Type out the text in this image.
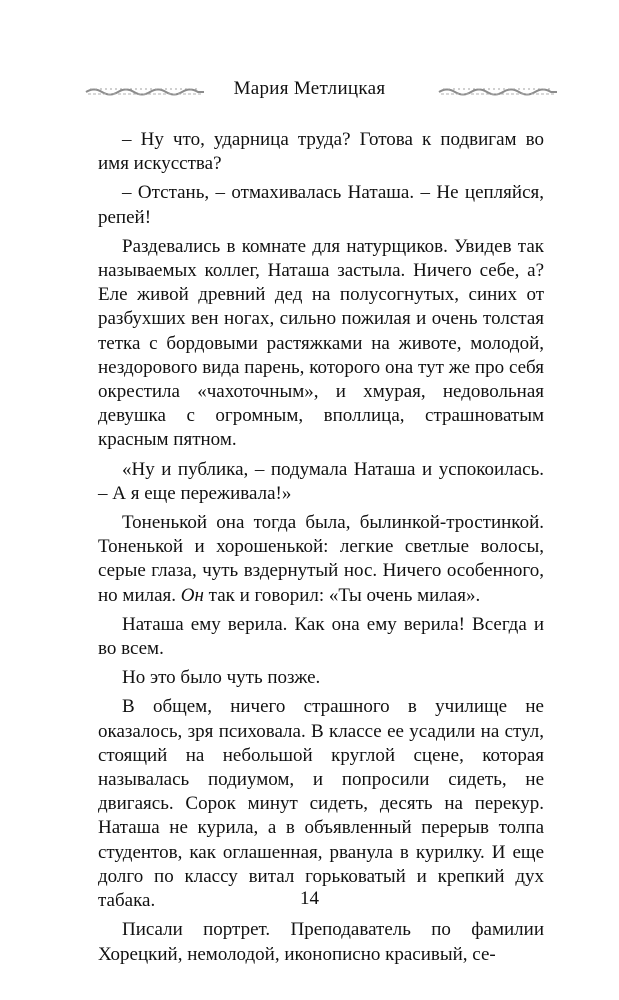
Мария Метлицкая

– Ну что, ударница труда? Готова к подвигам во имя искусства?

– Отстань, – отмахивалась Наташа. – Не цепляйся, репей!

Раздевались в комнате для натурщиков. Увидев так называемых коллег, Наташа застыла. Ничего себе, а? Еле живой древний дед на полусогнутых, синих от разбухших вен ногах, сильно пожилая и очень толстая тетка с бордовыми растяжками на животе, молодой, нездорового вида парень, которого она тут же про себя окрестила «чахоточным», и хмурая, недовольная девушка с огромным, вполлица, страшноватым красным пятном.

«Ну и публика, – подумала Наташа и успокоилась. – А я еще переживала!»

Тоненькой она тогда была, былинкой-тростинкой. Тоненькой и хорошенькой: легкие светлые волосы, серые глаза, чуть вздернутый нос. Ничего особенного, но милая. Он так и говорил: «Ты очень милая».

Наташа ему верила. Как она ему верила! Всегда и во всем.

Но это было чуть позже.

В общем, ничего страшного в училище не оказалось, зря психовала. В классе ее усадили на стул, стоящий на небольшой круглой сцене, которая называлась подиумом, и попросили сидеть, не двигаясь. Сорок минут сидеть, десять на перекур. Наташа не курила, а в объявленный перерыв толпа студентов, как оглашенная, рванула в курилку. И еще долго по классу витал горьковатый и крепкий дух табака.

Писали портрет. Преподаватель по фамилии Хорецкий, немолодой, иконописно красивый, се-

14
